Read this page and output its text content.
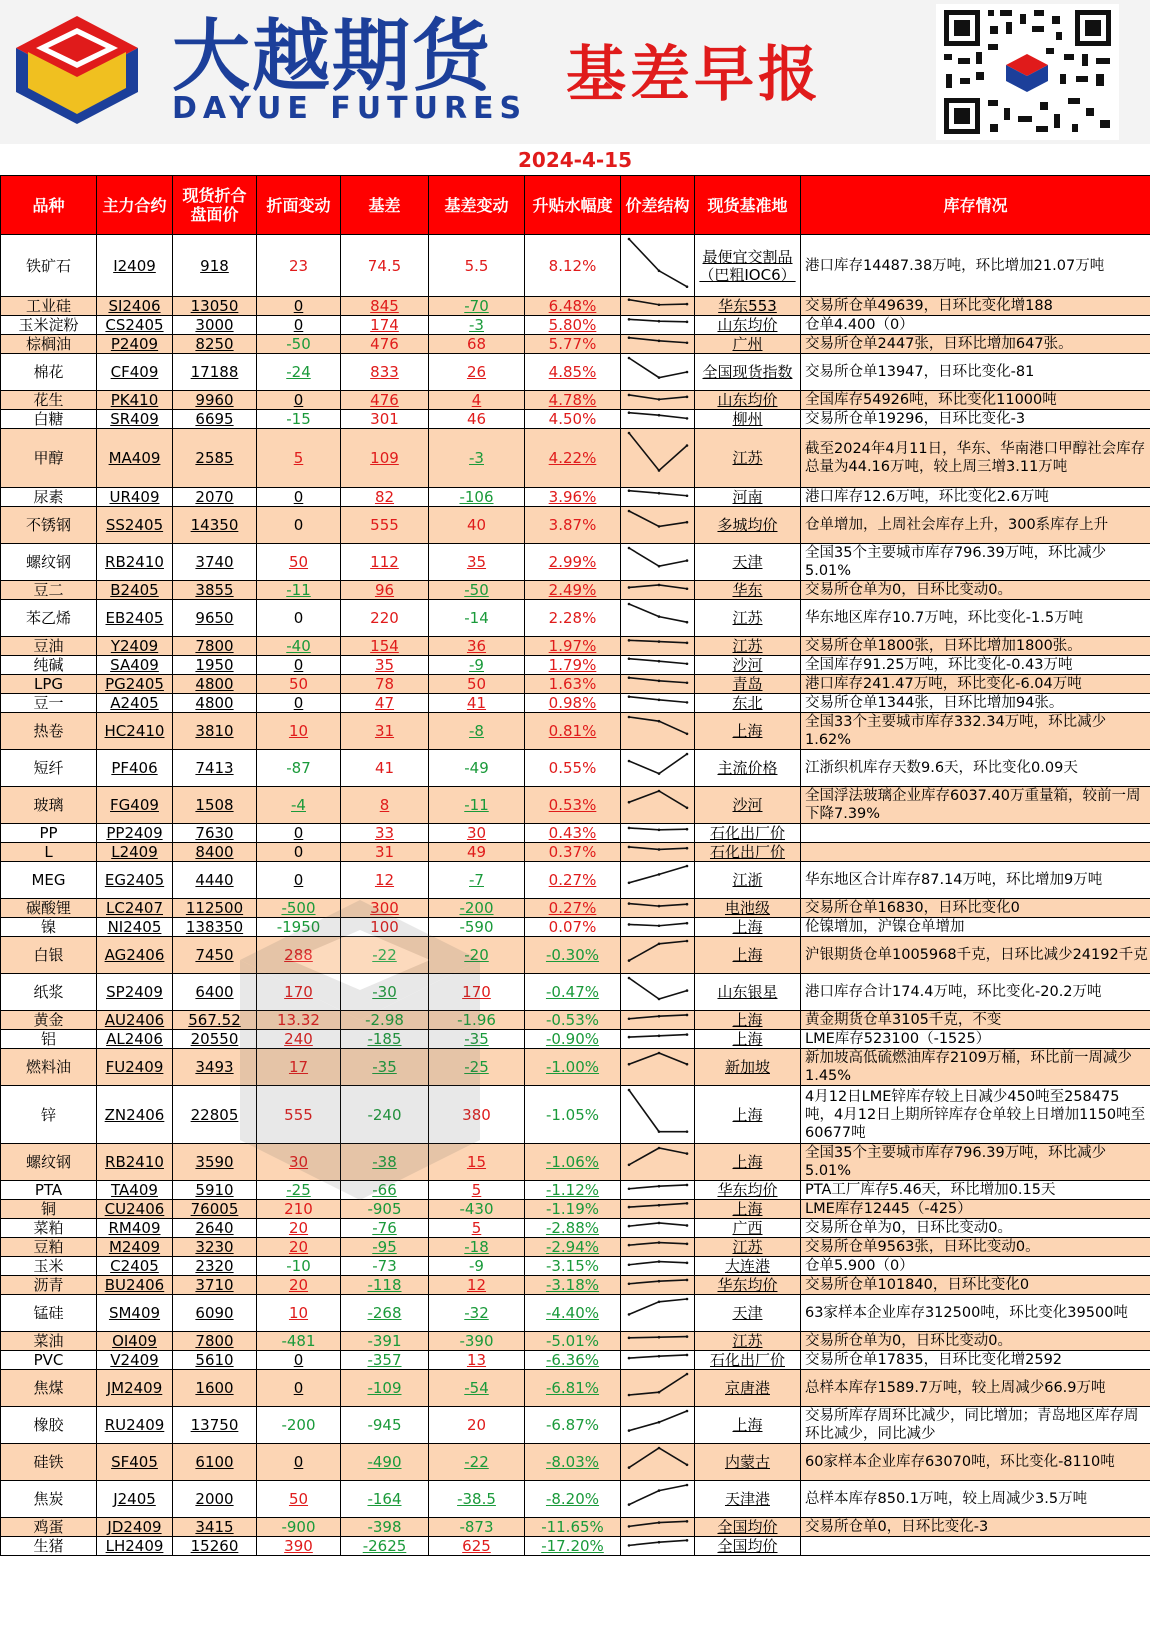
大越期货
DAYUE FUTURES 基差早报
2024-4-15
品种	主力合约	现货折合盘面价	折面变动	基差	基差变动	升贴水幅度	价差结构	现货基准地	库存情况
铁矿石	I2409	918	23	74.5	5.5	8.12%		最便宜交割品（巴粗IOC6）	港口库存14487.38万吨，环比增加21.07万吨
工业硅	SI2406	13050	0	845	-70	6.48%		华东553	交易所仓单49639，日环比变化增188
玉米淀粉	CS2405	3000	0	174	-3	5.80%		山东均价	仓单4.400（0）
棕榈油	P2409	8250	-50	476	68	5.77%		广州	交易所仓单2447张，日环比增加647张。
棉花	CF409	17188	-24	833	26	4.85%		全国现货指数	交易所仓单13947，日环比变化-81
花生	PK410	9960	0	476	4	4.78%		山东均价	全国库存54926吨，环比变化11000吨
白糖	SR409	6695	-15	301	46	4.50%		柳州	交易所仓单19296，日环比变化-3
甲醇	MA409	2585	5	109	-3	4.22%		江苏	截至2024年4月11日，华东、华南港口甲醇社会库存总量为44.16万吨，较上周三增3.11万吨
尿素	UR409	2070	0	82	-106	3.96%		河南	港口库存12.6万吨，环比变化2.6万吨
不锈钢	SS2405	14350	0	555	40	3.87%		多城均价	仓单增加，上周社会库存上升，300系库存上升
螺纹钢	RB2410	3740	50	112	35	2.99%		天津	全国35个主要城市库存796.39万吨，环比减少5.01%
豆二	B2405	3855	-11	96	-50	2.49%		华东	交易所仓单为0，日环比变动0。
苯乙烯	EB2405	9650	0	220	-14	2.28%		江苏	华东地区库存10.7万吨，环比变化-1.5万吨
豆油	Y2409	7800	-40	154	36	1.97%		江苏	交易所仓单1800张，日环比增加1800张。
纯碱	SA409	1950	0	35	-9	1.79%		沙河	全国库存91.25万吨，环比变化-0.43万吨
LPG	PG2405	4800	50	78	50	1.63%		青岛	港口库存241.47万吨，环比变化-6.04万吨
豆一	A2405	4800	0	47	41	0.98%		东北	交易所仓单1344张，日环比增加94张。
热卷	HC2410	3810	10	31	-8	0.81%		上海	全国33个主要城市库存332.34万吨，环比减少1.62%
短纤	PF406	7413	-87	41	-49	0.55%		主流价格	江浙织机库存天数9.6天，环比变化0.09天
玻璃	FG409	1508	-4	8	-11	0.53%		沙河	全国浮法玻璃企业库存6037.40万重量箱，较前一周下降7.39%
PP	PP2409	7630	0	33	30	0.43%		石化出厂价	
L	L2409	8400	0	31	49	0.37%		石化出厂价	
MEG	EG2405	4440	0	12	-7	0.27%		江浙	华东地区合计库存87.14万吨，环比增加9万吨
碳酸锂	LC2407	112500	-500	300	-200	0.27%		电池级	交易所仓单16830，日环比变化0
镍	NI2405	138350	-1950	100	-590	0.07%		上海	伦镍增加，沪镍仓单增加
白银	AG2406	7450	288	-22	-20	-0.30%		上海	沪银期货仓单1005968千克，日环比减少24192千克
纸浆	SP2409	6400	170	-30	170	-0.47%		山东银星	港口库存合计174.4万吨，环比变化-20.2万吨
黄金	AU2406	567.52	13.32	-2.98	-1.96	-0.53%		上海	黄金期货仓单3105千克，不变
铝	AL2406	20550	240	-185	-35	-0.90%		上海	LME库存523100（-1525）
燃料油	FU2409	3493	17	-35	-25	-1.00%		新加坡	新加坡高低硫燃油库存2109万桶，环比前一周减少1.45%
锌	ZN2406	22805	555	-240	380	-1.05%		上海	4月12日LME锌库存较上日减少450吨至258475吨，4月12日上期所锌库存仓单较上日增加1150吨至60677吨
螺纹钢	RB2410	3590	30	-38	15	-1.06%		上海	全国35个主要城市库存796.39万吨，环比减少5.01%
PTA	TA409	5910	-25	-66	5	-1.12%		华东均价	PTA工厂库存5.46天，环比增加0.15天
铜	CU2406	76005	210	-905	-430	-1.19%		上海	LME库存12445（-425）
菜粕	RM409	2640	20	-76	5	-2.88%		广西	交易所仓单为0，日环比变动0。
豆粕	M2409	3230	20	-95	-18	-2.94%		江苏	交易所仓单9563张，日环比变动0。
玉米	C2405	2320	-10	-73	-9	-3.15%		大连港	仓单5.900（0）
沥青	BU2406	3710	20	-118	12	-3.18%		华东均价	交易所仓单101840，日环比变化0
锰硅	SM409	6090	10	-268	-32	-4.40%		天津	63家样本企业库存312500吨，环比变化39500吨
菜油	OI409	7800	-481	-391	-390	-5.01%		江苏	交易所仓单为0，日环比变动0。
PVC	V2409	5610	0	-357	13	-6.36%		石化出厂价	交易所仓单17835，日环比变化增2592
焦煤	JM2409	1600	0	-109	-54	-6.81%		京唐港	总样本库存1589.7万吨，较上周减少66.9万吨
橡胶	RU2409	13750	-200	-945	20	-6.87%		上海	交易所库存周环比减少，同比增加；青岛地区库存周环比减少，同比减少
硅铁	SF405	6100	0	-490	-22	-8.03%		内蒙古	60家样本企业库存63070吨，环比变化-8110吨
焦炭	J2405	2000	50	-164	-38.5	-8.20%		天津港	总样本库存850.1万吨，较上周减少3.5万吨
鸡蛋	JD2409	3415	-900	-398	-873	-11.65%		全国均价	交易所仓单0，日环比变化-3
生猪	LH2409	15260	390	-2625	625	-17.20%		全国均价	
